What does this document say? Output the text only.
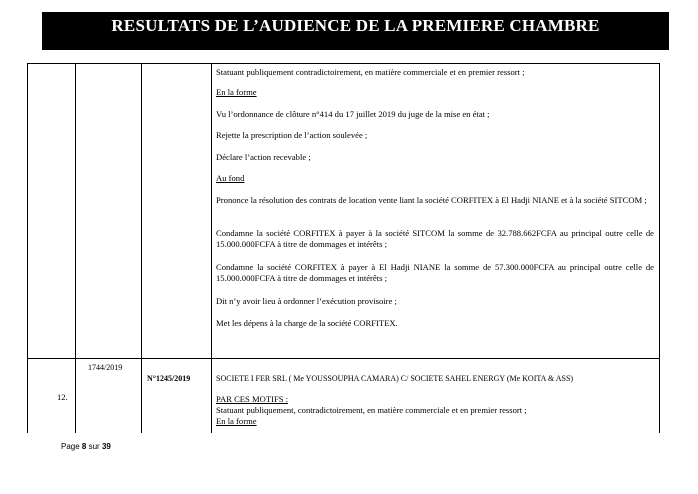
RESULTATS DE L’AUDIENCE DE LA PREMIERE CHAMBRE
Statuant publiquement contradictoirement, en matière commerciale et en premier ressort ;
En la forme
Vu l’ordonnance de clôture n°414 du 17 juillet 2019 du juge de la mise en état ;
Rejette la prescription de l’action soulevée ;
Déclare l’action recevable ;
Au fond
Prononce la résolution des contrats de location vente liant la société CORFITEX à El Hadji NIANE et à la société SITCOM ;
Condamne la société CORFITEX à payer à la société SITCOM la somme de 32.788.662FCFA au principal outre celle de 15.000.000FCFA à titre de dommages et intérêts ;
Condamne la société CORFITEX à payer à El Hadji NIANE la somme de 57.300.000FCFA au principal outre celle de 15.000.000FCFA à titre de dommages et intérêts ;
Dit n’y avoir lieu à ordonner l’exécution provisoire ;
Met les dépens à la charge de la société CORFITEX.
12.
1744/2019
N°1245/2019	SOCIETE I FER SRL ( Me YOUSSOUPHA CAMARA) C/ SOCIETE SAHEL ENERGY (Me KOITA & ASS)
PAR CES MOTIFS :
Statuant publiquement, contradictoirement, en matière commerciale et en premier ressort ;
En la forme
Page 8 sur 39
